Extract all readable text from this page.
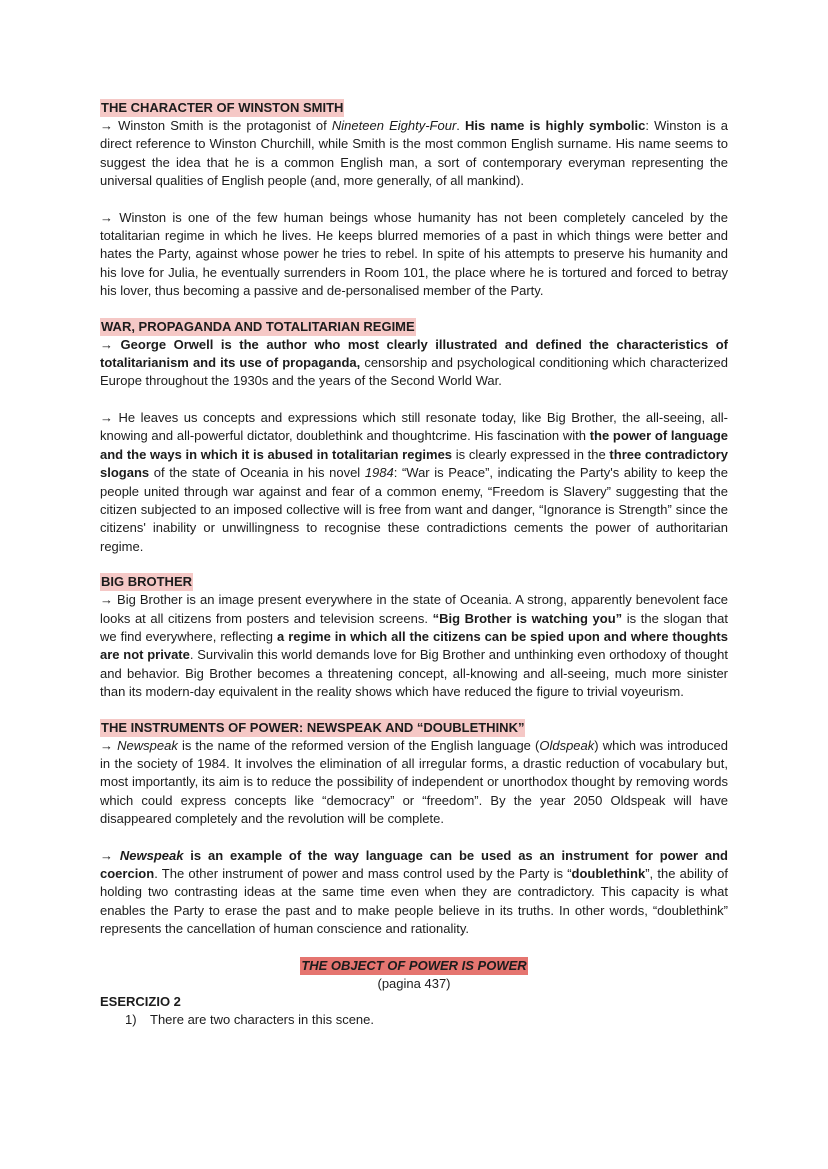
THE CHARACTER OF WINSTON SMITH

→ Winston Smith is the protagonist of Nineteen Eighty-Four. His name is highly symbolic: Winston is a direct reference to Winston Churchill, while Smith is the most common English surname. His name seems to suggest the idea that he is a common English man, a sort of contemporary everyman representing the universal qualities of English people (and, more generally, of all mankind).

→ Winston is one of the few human beings whose humanity has not been completely canceled by the totalitarian regime in which he lives. He keeps blurred memories of a past in which things were better and hates the Party, against whose power he tries to rebel. In spite of his attempts to preserve his humanity and his love for Julia, he eventually surrenders in Room 101, the place where he is tortured and forced to betray his lover, thus becoming a passive and de-personalised member of the Party.

WAR, PROPAGANDA AND TOTALITARIAN REGIME

→ George Orwell is the author who most clearly illustrated and defined the characteristics of totalitarianism and its use of propaganda, censorship and psychological conditioning which characterized Europe throughout the 1930s and the years of the Second World War.

→ He leaves us concepts and expressions which still resonate today, like Big Brother, the all-seeing, all-knowing and all-powerful dictator, doublethink and thoughtcrime. His fascination with the power of language and the ways in which it is abused in totalitarian regimes is clearly expressed in the three contradictory slogans of the state of Oceania in his novel 1984: “War is Peace”, indicating the Party's ability to keep the people united through war against and fear of a common enemy, “Freedom is Slavery” suggesting that the citizen subjected to an imposed collective will is free from want and danger, “Ignorance is Strength” since the citizens' inability or unwillingness to recognise these contradictions cements the power of authoritarian regime.

BIG BROTHER

→ Big Brother is an image present everywhere in the state of Oceania. A strong, apparently benevolent face looks at all citizens from posters and television screens. “Big Brother is watching you” is the slogan that we find everywhere, reflecting a regime in which all the citizens can be spied upon and where thoughts are not private. Survivalin this world demands love for Big Brother and unthinking even orthodoxy of thought and behavior. Big Brother becomes a threatening concept, all-knowing and all-seeing, much more sinister than its modern-day equivalent in the reality shows which have reduced the figure to trivial voyeurism.

THE INSTRUMENTS OF POWER: NEWSPEAK AND “DOUBLETHINK”

→ Newspeak is the name of the reformed version of the English language (Oldspeak) which was introduced in the society of 1984. It involves the elimination of all irregular forms, a drastic reduction of vocabulary but, most importantly, its aim is to reduce the possibility of independent or unorthodox thought by removing words which could express concepts like “democracy” or “freedom”. By the year 2050 Oldspeak will have disappeared completely and the revolution will be complete.

→ Newspeak is an example of the way language can be used as an instrument for power and coercion. The other instrument of power and mass control used by the Party is “doublethink”, the ability of holding two contrasting ideas at the same time even when they are contradictory. This capacity is what enables the Party to erase the past and to make people believe in its truths. In other words, “doublethink” represents the cancellation of human conscience and rationality.

THE OBJECT OF POWER IS POWER
(pagina 437)

ESERCIZIO 2

1) There are two characters in this scene.
